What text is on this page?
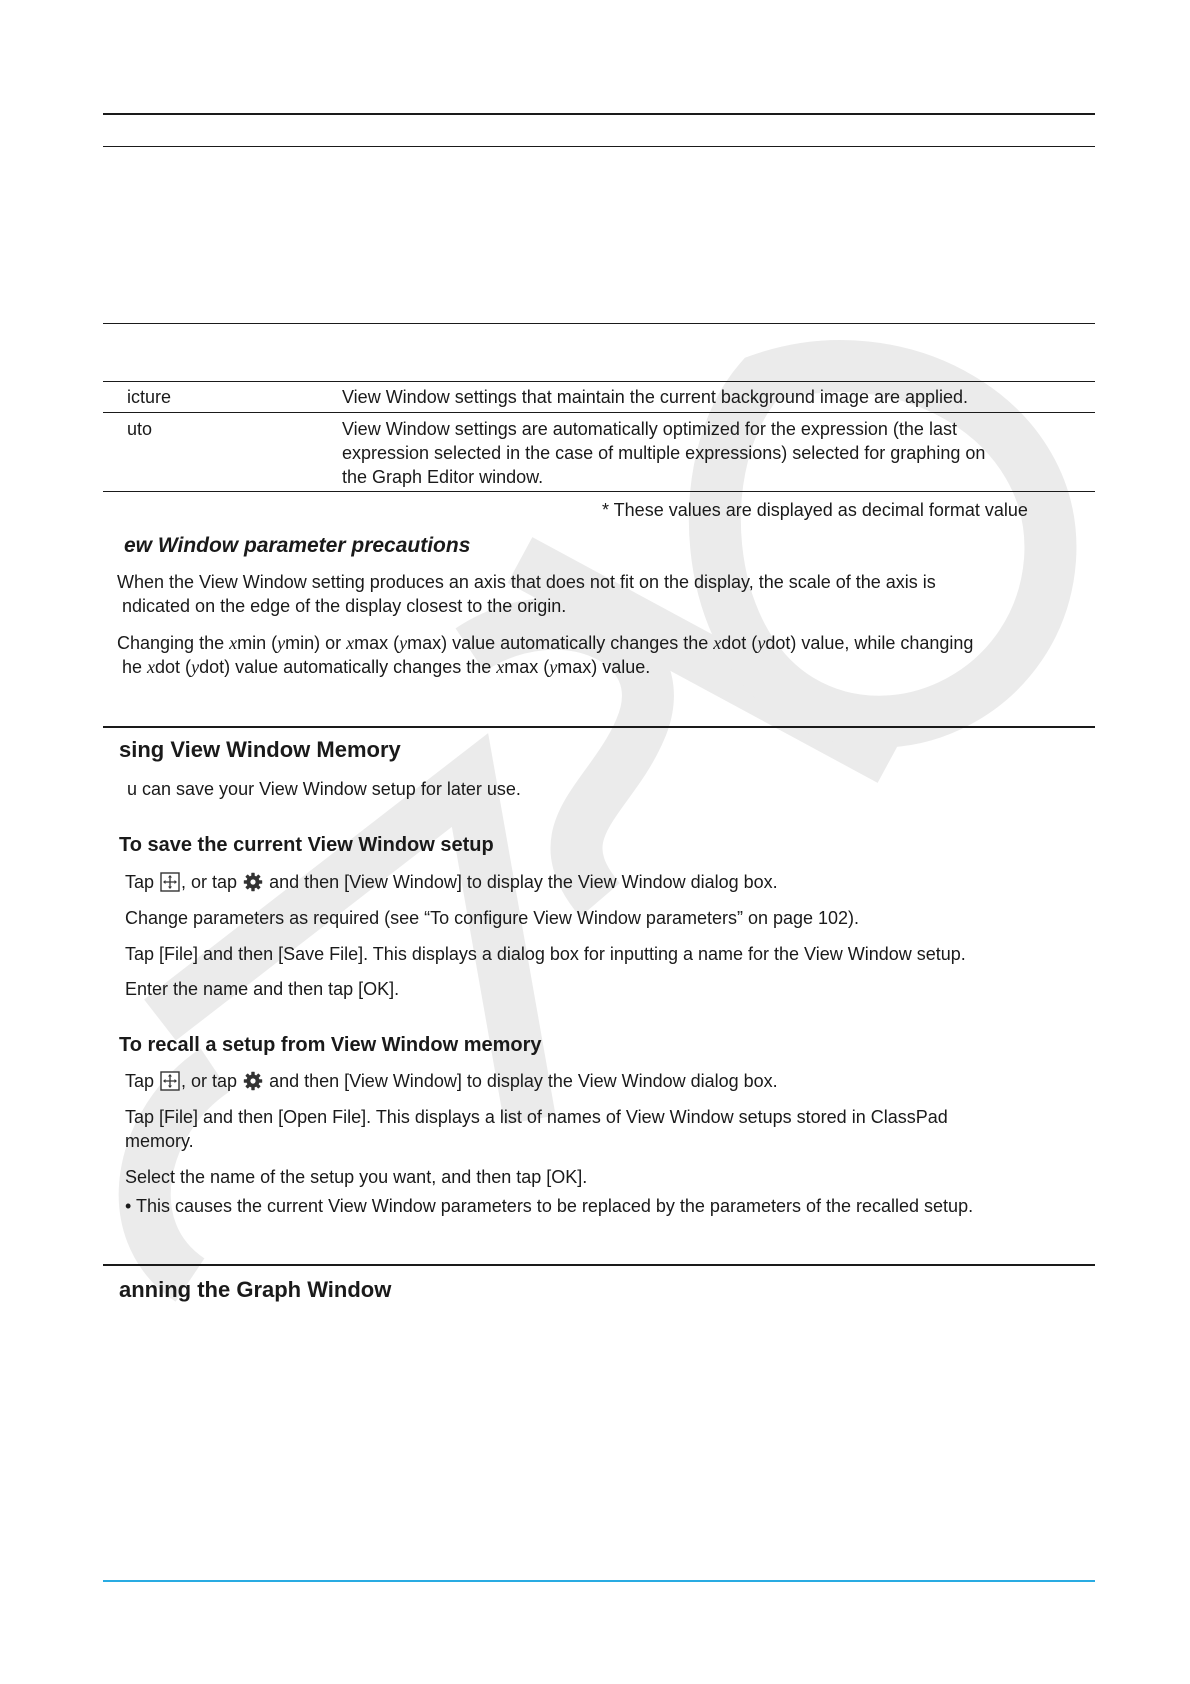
icture	View Window settings that maintain the current background image are applied.
uto	View Window settings are automatically optimized for the expression (the last
expression selected in the case of multiple expressions) selected for graphing on
the Graph Editor window.
* These values are displayed as decimal format value
ew Window parameter precautions
When the View Window setting produces an axis that does not fit on the display, the scale of the axis is
ndicated on the edge of the display closest to the origin.
Changing the xmin (ymin) or xmax (ymax) value automatically changes the xdot (ydot) value, while changing
he xdot (ydot) value automatically changes the xmax (ymax) value.
sing View Window Memory
u can save your View Window setup for later use.
To save the current View Window setup
Tap , or tap  and then [View Window] to display the View Window dialog box.
Change parameters as required (see “To configure View Window parameters” on page 102).
Tap [File] and then [Save File]. This displays a dialog box for inputting a name for the View Window setup.
Enter the name and then tap [OK].
To recall a setup from View Window memory
Tap , or tap  and then [View Window] to display the View Window dialog box.
Tap [File] and then [Open File]. This displays a list of names of View Window setups stored in ClassPad
memory.
Select the name of the setup you want, and then tap [OK].
• This causes the current View Window parameters to be replaced by the parameters of the recalled setup.
anning the Graph Window
